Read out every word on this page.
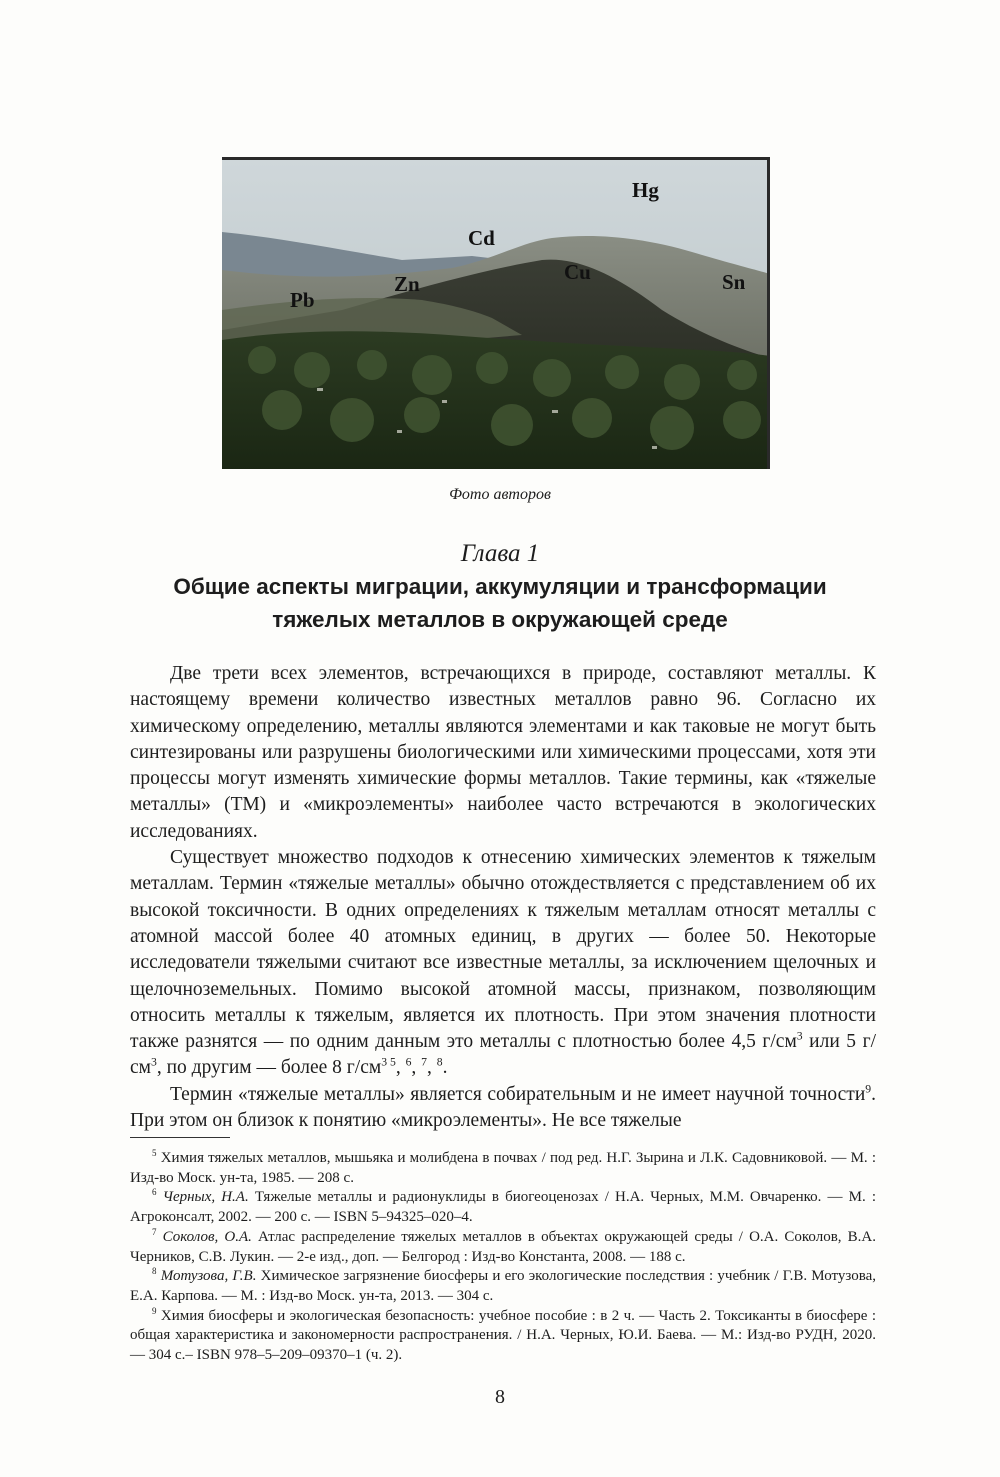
Hg
Cd
Zn	Cu
Pb
Sn
Фото авторов
Глава 1
Общие аспекты миграции, аккумуляции и трансформации
тяжелых металлов в окружающей среде

Две трети всех элементов, встречающихся в природе, составляют металлы. К настоящему времени количество известных металлов равно 96. Согласно их химическому определению, металлы являются элементами и как таковые не могут быть синтезированы или разрушены биологическими или химическими процессами, хотя эти процессы могут изменять химические формы металлов. Такие термины, как «тяжелые металлы» (ТМ) и «микроэлементы» наиболее часто встречаются в экологических исследованиях.

Существует множество подходов к отнесению химических элементов к тяжелым металлам. Термин «тяжелые металлы» обычно отождествляется с представлением об их высокой токсичности. В одних определениях к тяжелым металлам относят металлы с атомной массой более 40 атомных единиц, в других — более 50. Некоторые исследователи тяжелыми считают все известные металлы, за исключением щелочных и щелочноземельных. Помимо высокой атомной массы, признаком, позволяющим относить металлы к тяжелым, является их плотность. При этом значения плотности также разнятся — по одним данным это металлы с плотностью более 4,5 $г/см^3$ или 5 $г/см^3$, по другим — более 8 $г/см^{3 5}$, $^6$, $^7$, $^8$.

Термин «тяжелые металлы» является собирательным и не имеет научной точности$^9$. При этом он близок к понятию «микроэлементы». Не все тяжелые

$^5$ Химия тяжелых металлов, мышьяка и молибдена в почвах / под ред. Н.Г. Зырина и Л.К. Садовниковой. — М. : Изд-во Моск. ун-та, 1985. — 208 с.

$^6$ Черных, Н.А. Тяжелые металлы и радионуклиды в биогеоценозах / Н.А. Черных, М.М. Овчаренко. — М. : Агроконсалт, 2002. — 200 с. — ISBN 5–94325–020–4.

$^7$ Соколов, О.А. Атлас распределение тяжелых металлов в объектах окружающей среды / О.А. Соколов, В.А. Черников, С.В. Лукин. — 2-е изд., доп. — Белгород : Изд-во Константа, 2008. — 188 с.

$^8$ Мотузова, Г.В. Химическое загрязнение биосферы и его экологические последствия : учебник / Г.В. Мотузова, Е.А. Карпова. — М. : Изд-во Моск. ун-та, 2013. — 304 с.

$^9$ Химия биосферы и экологическая безопасность: учебное пособие : в 2 ч. — Часть 2. Токсиканты в биосфере : общая характеристика и закономерности распространения. / Н.А. Черных, Ю.И. Баева. — М.: Изд-во РУДН, 2020. — 304 с.– ISBN 978–5–209–09370–1 (ч. 2).

8
